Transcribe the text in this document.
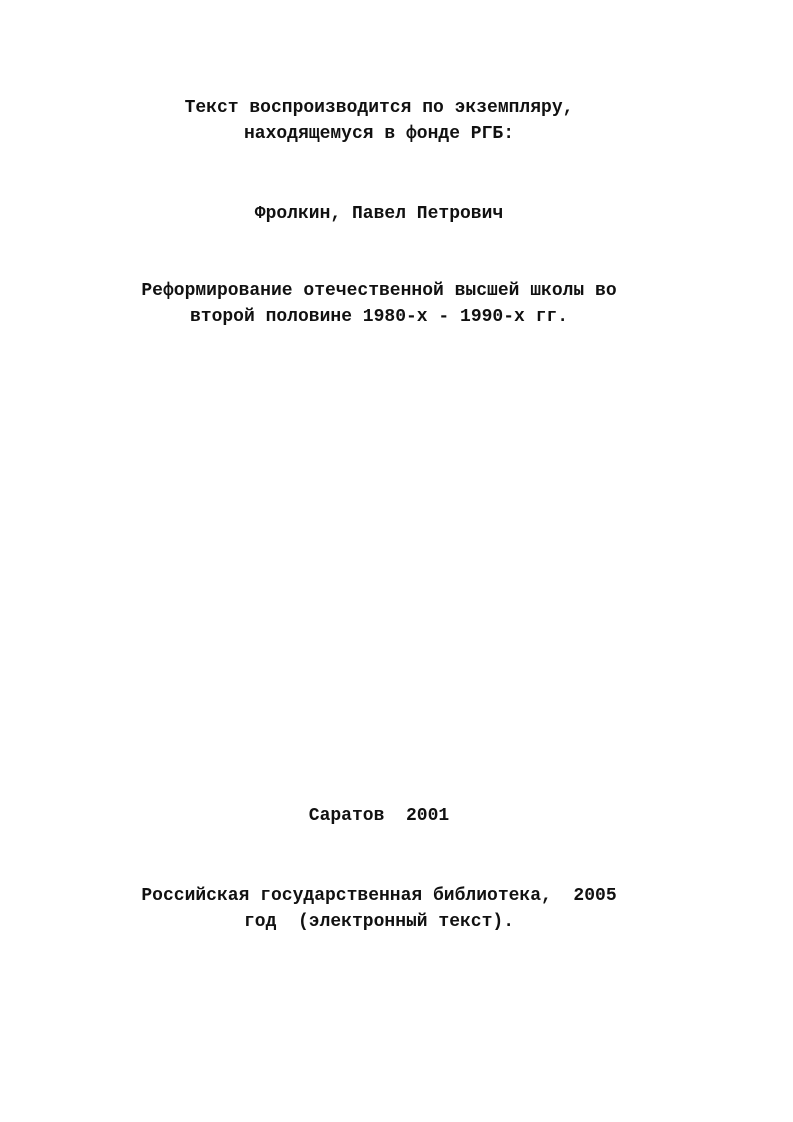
Текст воспроизводится по экземпляру,
находящемуся в фонде РГБ:
Фролкин, Павел Петрович
Реформирование отечественной высшей школы во
второй половине 1980-х - 1990-х гг.
Саратов  2001
Российская государственная библиотека,  2005
год  (электронный текст).
